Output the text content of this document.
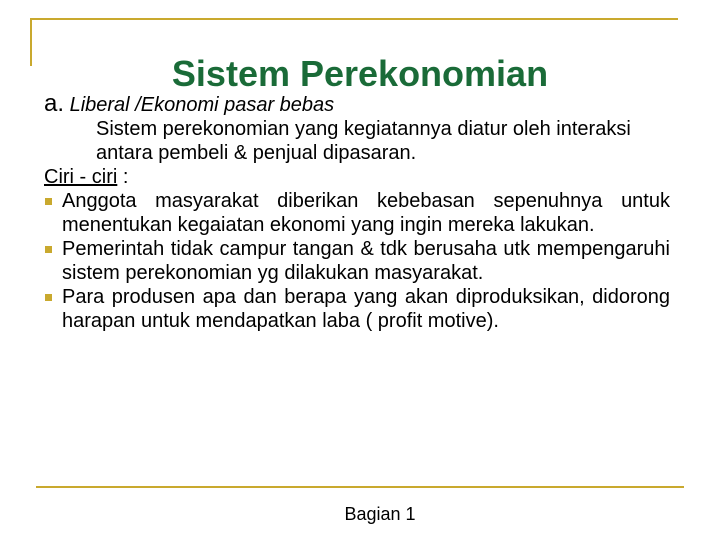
Sistem Perekonomian

a. Liberal /Ekonomi pasar bebas

Sistem perekonomian yang kegiatannya diatur oleh interaksi antara pembeli & penjual dipasaran.

Ciri - ciri :

Anggota masyarakat diberikan kebebasan sepenuhnya untuk menentukan kegaiatan ekonomi yang ingin mereka lakukan.
Pemerintah tidak campur tangan & tdk berusaha utk mempengaruhi sistem perekonomian yg dilakukan masyarakat.
Para produsen apa dan berapa yang akan diproduksikan, didorong harapan untuk mendapatkan laba ( profit motive).
Bagian 1
